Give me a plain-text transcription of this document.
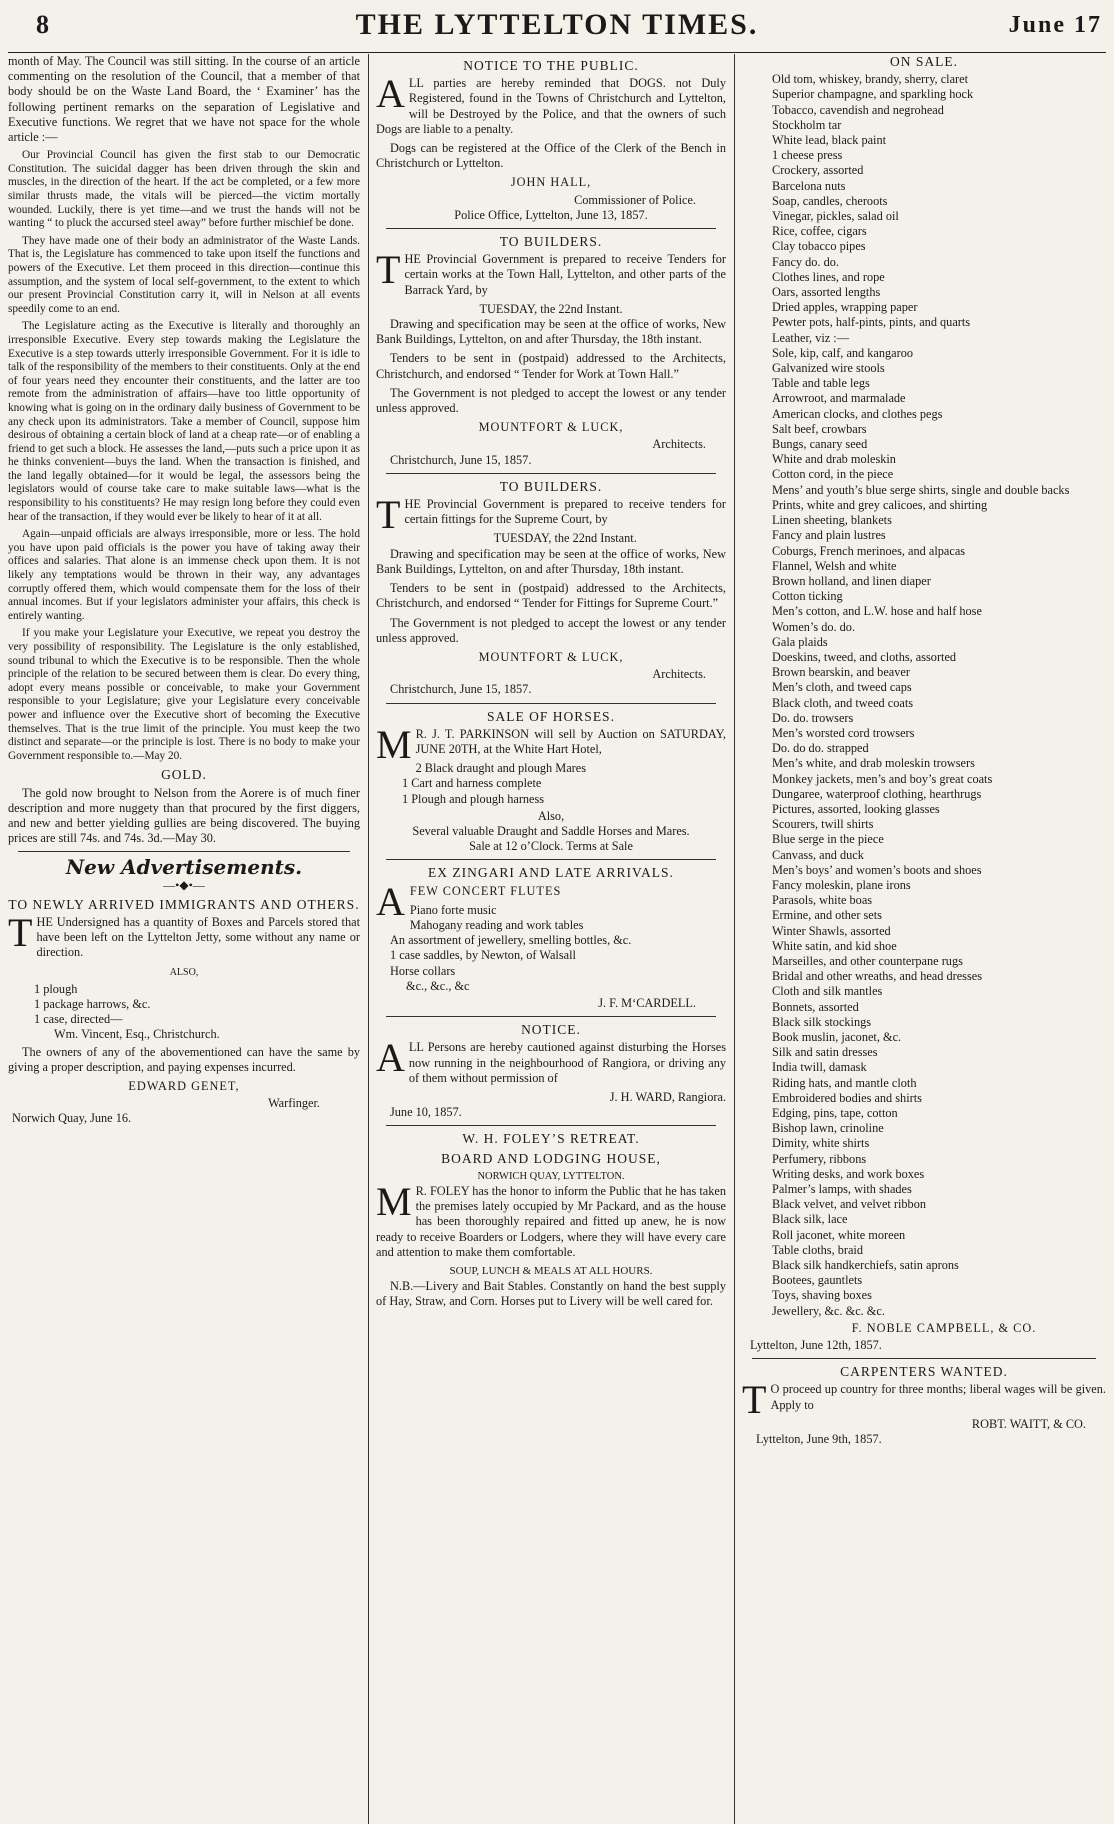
8	THE LYTTELTON TIMES.	June 17

month of May. The Council was still sitting. In the course of an article commenting on the resolution of the Council, that a member of that body should be on the Waste Land Board, the ‘ Examiner’ has the following pertinent remarks on the separation of Legislative and Executive functions. We regret that we have not space for the whole article :—

Our Provincial Council has given the first stab to our Democratic Constitution. The suicidal dagger has been driven through the skin and muscles, in the direction of the heart. If the act be completed, or a few more similar thrusts made, the vitals will be pierced—the victim mortally wounded. Luckily, there is yet time—and we trust the hands will not be wanting “ to pluck the accursed steel away” before further mischief be done.

They have made one of their body an administrator of the Waste Lands. That is, the Legislature has commenced to take upon itself the functions and powers of the Executive. Let them proceed in this direction—continue this assumption, and the system of local self-government, to the extent to which our present Provincial Constitution carry it, will in Nelson at all events speedily come to an end.

The Legislature acting as the Executive is literally and thoroughly an irresponsible Executive. Every step towards making the Legislature the Executive is a step towards utterly irresponsible Government. For it is idle to talk of the responsibility of the members to their constituents. Only at the end of four years need they encounter their constituents, and the latter are too remote from the administration of affairs—have too little opportunity of knowing what is going on in the ordinary daily business of Government to be any check upon its administrators. Take a member of Council, suppose him desirous of obtaining a certain block of land at a cheap rate—or of enabling a friend to get such a block. He assesses the land,—puts such a price upon it as he thinks convenient—buys the land. When the transaction is finished, and the land legally obtained—for it would be legal, the assessors being the legislators would of course take care to make suitable laws—what is the responsibility to his constituents? He may resign long before they could even hear of the transaction, if they would ever be likely to hear of it at all.

Again—unpaid officials are always irresponsible, more or less. The hold you have upon paid officials is the power you have of taking away their offices and salaries. That alone is an immense check upon them. It is not likely any temptations would be thrown in their way, any advantages corruptly offered them, which would compensate them for the loss of their annual incomes. But if your legislators administer your affairs, this check is entirely wanting.

If you make your Legislature your Executive, we repeat you destroy the very possibility of responsibility. The Legislature is the only established, sound tribunal to which the Executive is to be responsible. Then the whole principle of the relation to be secured between them is clear. Do every thing, adopt every means possible or conceivable, to make your Government responsible to your Legislature; give your Legislature every conceivable power and influence over the Executive short of becoming the Executive themselves. That is the true limit of the principle. You must keep the two distinct and separate—or the principle is lost. There is no body to make your Government responsible to.—May 20.

GOLD.

The gold now brought to Nelson from the Aorere is of much finer description and more nuggety than that procured by the first diggers, and new and better yielding gullies are being discovered. The buying prices are still 74s. and 74s. 3d.—May 30.

New Advertisements.
—•◆•—
TO NEWLY ARRIVED IMMIGRANTS AND OTHERS.

THE Undersigned has a quantity of Boxes and Parcels stored that have been left on the Lyttelton Jetty, some without any name or direction.

ALSO,
1 plough
1 package harrows, &c.
1 case, directed—
Wm. Vincent, Esq., Christchurch.

The owners of any of the abovementioned can have the same by giving a proper description, and paying expenses incurred.

EDWARD GENET,
Warfinger.
Norwich Quay, June 16.
NOTICE TO THE PUBLIC.

ALL parties are hereby reminded that DOGS. not Duly Registered, found in the Towns of Christchurch and Lyttelton, will be Destroyed by the Police, and that the owners of such Dogs are liable to a penalty.

Dogs can be registered at the Office of the Clerk of the Bench in Christchurch or Lyttelton.

JOHN HALL,
Commissioner of Police.
Police Office, Lyttelton, June 13, 1857.
TO BUILDERS.

THE Provincial Government is prepared to receive Tenders for certain works at the Town Hall, Lyttelton, and other parts of the Barrack Yard, by

TUESDAY, the 22nd Instant.

Drawing and specification may be seen at the office of works, New Bank Buildings, Lyttelton, on and after Thursday, the 18th instant.

Tenders to be sent in (postpaid) addressed to the Architects, Christchurch, and endorsed “ Tender for Work at Town Hall.”

The Government is not pledged to accept the lowest or any tender unless approved.

MOUNTFORT & LUCK,
Architects.
Christchurch, June 15, 1857.
TO BUILDERS.

THE Provincial Government is prepared to receive tenders for certain fittings for the Supreme Court, by

TUESDAY, the 22nd Instant.

Drawing and specification may be seen at the office of works, New Bank Buildings, Lyttelton, on and after Thursday, 18th instant.

Tenders to be sent in (postpaid) addressed to the Architects, Christchurch, and endorsed “ Tender for Fittings for Supreme Court.”

The Government is not pledged to accept the lowest or any tender unless approved.

MOUNTFORT & LUCK,
Architects.
Christchurch, June 15, 1857.
SALE OF HORSES.

M R. J. T. PARKINSON will sell by Auction on SATURDAY, JUNE 20TH, at the White Hart Hotel,

2 Black draught and plough Mares
1 Cart and harness complete
1 Plough and plough harness
Also,
Several valuable Draught and Saddle Horses and Mares.
Sale at 12 o’Clock. Terms at Sale
EX ZINGARI AND LATE ARRIVALS.

AFEW CONCERT FLUTES

Piano forte music
Mahogany reading and work tables
An assortment of jewellery, smelling bottles, &c.
1 case saddles, by Newton, of Walsall
Horse collars
&c., &c., &c
J. F. M‘CARDELL.
NOTICE.

ALL Persons are hereby cautioned against disturbing the Horses now running in the neighbourhood of Rangiora, or driving any of them without permission of

J. H. WARD, Rangiora.
June 10, 1857.
W. H. FOLEY’S RETREAT.
BOARD AND LODGING HOUSE,
NORWICH QUAY, LYTTELTON.

M R. FOLEY has the honor to inform the Public that he has taken the premises lately occupied by Mr Packard, and as the house has been thoroughly repaired and fitted up anew, he is now ready to receive Boarders or Lodgers, where they will have every care and attention to make them comfortable.

SOUP, LUNCH & MEALS AT ALL HOURS.

N.B.—Livery and Bait Stables. Constantly on hand the best supply of Hay, Straw, and Corn. Horses put to Livery will be well cared for.

ON SALE.
Old tom, whiskey, brandy, sherry, claret
Superior champagne, and sparkling hock
Tobacco, cavendish and negrohead
Stockholm tar
White lead, black paint
1 cheese press
Crockery, assorted
Barcelona nuts
Soap, candles, cheroots
Vinegar, pickles, salad oil
Rice, coffee, cigars
Clay tobacco pipes
Fancy do. do.
Clothes lines, and rope
Oars, assorted lengths
Dried apples, wrapping paper
Pewter pots, half-pints, pints, and quarts
Leather, viz :—
Sole, kip, calf, and kangaroo
Galvanized wire stools
Table and table legs
Arrowroot, and marmalade
American clocks, and clothes pegs
Salt beef, crowbars
Bungs, canary seed
White and drab moleskin
Cotton cord, in the piece
Mens’ and youth’s blue serge shirts, single and double backs
Prints, white and grey calicoes, and shirting
Linen sheeting, blankets
Fancy and plain lustres
Coburgs, French merinoes, and alpacas
Flannel, Welsh and white
Brown holland, and linen diaper
Cotton ticking
Men’s cotton, and L.W. hose and half hose
Women’s do. do.
Gala plaids
Doeskins, tweed, and cloths, assorted
Brown bearskin, and beaver
Men’s cloth, and tweed caps
Black cloth, and tweed coats
Do. do. trowsers
Men’s worsted cord trowsers
Do. do do. strapped
Men’s white, and drab moleskin trowsers
Monkey jackets, men’s and boy’s great coats
Dungaree, waterproof clothing, hearthrugs
Pictures, assorted, looking glasses
Scourers, twill shirts
Blue serge in the piece
Canvass, and duck
Men’s boys’ and women’s boots and shoes
Fancy moleskin, plane irons
Parasols, white boas
Ermine, and other sets
Winter Shawls, assorted
White satin, and kid shoe
Marseilles, and other counterpane rugs
Bridal and other wreaths, and head dresses
Cloth and silk mantles
Bonnets, assorted
Black silk stockings
Book muslin, jaconet, &c.
Silk and satin dresses
India twill, damask
Riding hats, and mantle cloth
Embroidered bodies and shirts
Edging, pins, tape, cotton
Bishop lawn, crinoline
Dimity, white shirts
Perfumery, ribbons
Writing desks, and work boxes
Palmer’s lamps, with shades
Black velvet, and velvet ribbon
Black silk, lace
Roll jaconet, white moreen
Table cloths, braid
Black silk handkerchiefs, satin aprons
Bootees, gauntlets
Toys, shaving boxes
Jewellery, &c. &c. &c.
F. NOBLE CAMPBELL, & CO.
Lyttelton, June 12th, 1857.
CARPENTERS WANTED.

T O proceed up country for three months; liberal wages will be given. Apply to

ROBT. WAITT, & CO.
Lyttelton, June 9th, 1857.
